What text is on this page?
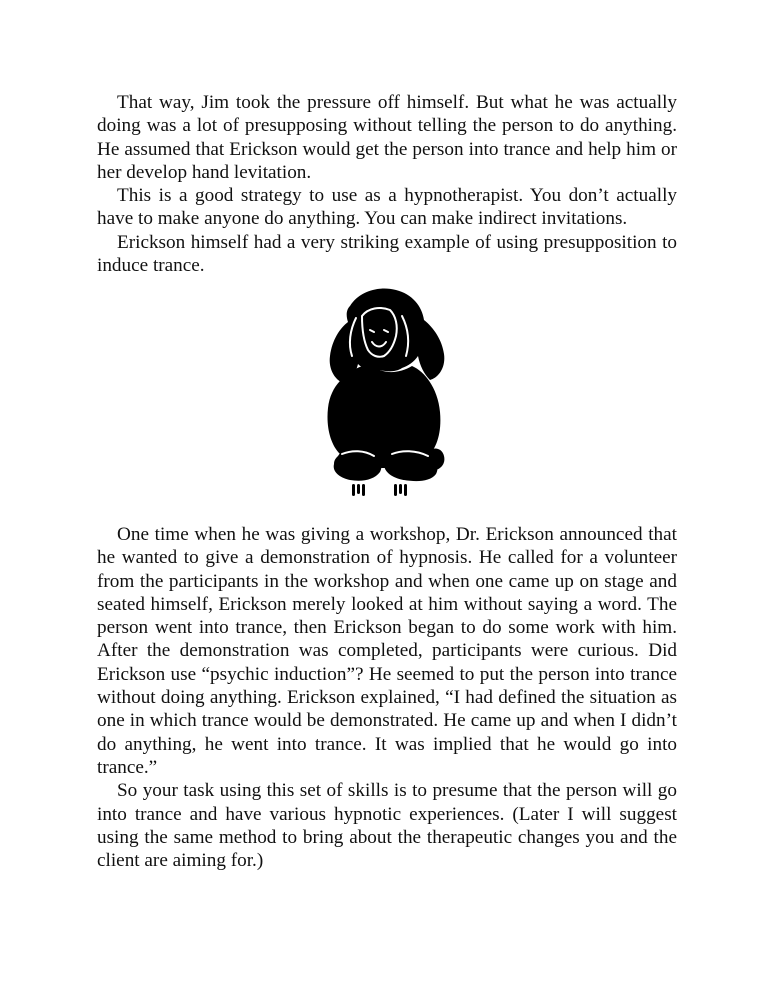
That way, Jim took the pressure off himself. But what he was actually doing was a lot of presupposing without telling the person to do anything. He assumed that Erickson would get the person into trance and help him or her develop hand levitation.

This is a good strategy to use as a hypnotherapist. You don’t actually have to make anyone do anything. You can make indirect invitations.

Erickson himself had a very striking example of using presupposition to induce trance.

One time when he was giving a workshop, Dr. Erickson announced that he wanted to give a demonstration of hypnosis. He called for a volunteer from the participants in the workshop and when one came up on stage and seated himself, Erickson merely looked at him without saying a word. The person went into trance, then Erickson began to do some work with him. After the demonstration was completed, participants were curious. Did Erickson use “psychic induction”? He seemed to put the person into trance without doing anything. Erickson explained, “I had defined the situation as one in which trance would be demonstrated. He came up and when I didn’t do anything, he went into trance. It was implied that he would go into trance.”

So your task using this set of skills is to presume that the person will go into trance and have various hypnotic experiences. (Later I will suggest using the same method to bring about the therapeutic changes you and the client are aiming for.)
